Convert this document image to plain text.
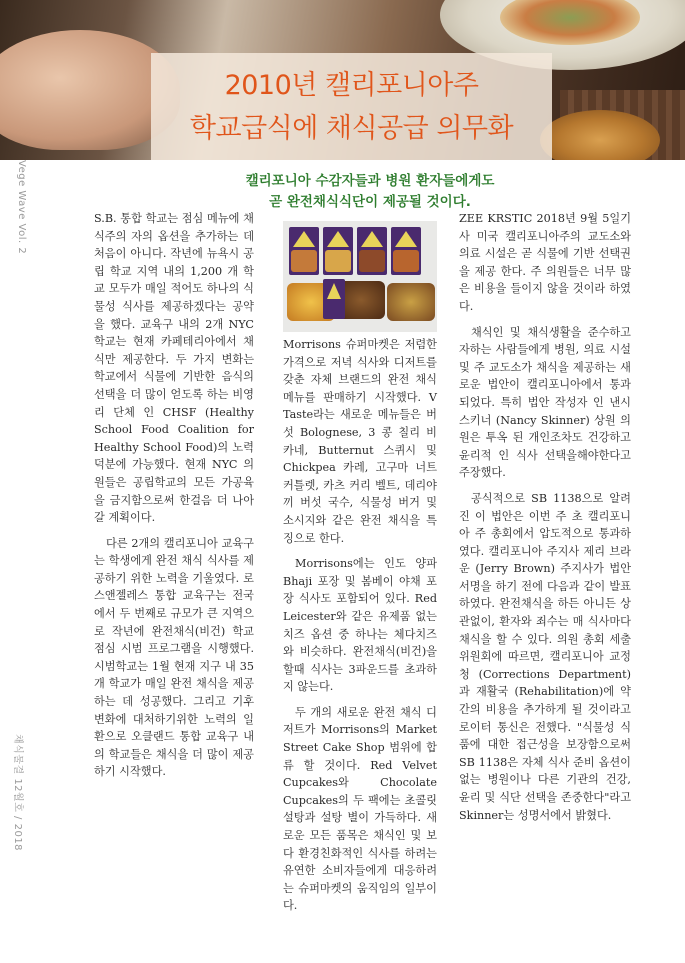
2010년 캘리포니아주
학교급식에 채식공급 의무화
Vege Wave Vol. 2
채식물결 12월호 / 2018
캘리포니아 수감자들과 병원 환자들에게도
곧 완전채식식단이 제공될 것이다.

S.B. 통합 학교는 점심 메뉴에 채식주의 자의 옵션을 추가하는 데 처음이 아니다. 작년에 뉴욕시 공립 학교 지역 내의 1,200 개 학교 모두가 매일 적어도 하나의 식물성 식사를 제공하겠다는 공약을 했다. 교육구 내의 2개 NYC 학교는 현재 카페테리아에서 채식만 제공한다. 두 가지 변화는 학교에서 식물에 기반한 음식의 선택을 더 많이 얻도록 하는 비영리 단체 인 CHSF (Healthy School Food Coalition for Healthy School Food)의 노력 덕분에 가능했다. 현재 NYC 의원들은 공립학교의 모든 가공육을 금지함으로써 한걸음 더 나아갈 계획이다.

다른 2개의 캘리포니아 교육구는 학생에게 완전 채식 식사를 제공하기 위한 노력을 기울였다. 로스앤젤레스 통합 교육구는 전국에서 두 번째로 규모가 큰 지역으로 작년에 완전채식(비건) 학교 점심 시범 프로그램을 시행했다. 시범학교는 1월 현재 지구 내 35 개 학교가 매일 완전 채식을 제공하는 데 성공했다. 그리고 기후 변화에 대처하기위한 노력의 일환으로 오클랜드 통합 교육구 내의 학교들은 채식을 더 많이 제공하기 시작했다.

Morrisons 슈퍼마켓은 저렴한 가격으로 저녁 식사와 디저트를 갖춘 자체 브랜드의 완전 채식 메뉴를 판매하기 시작했다. V Taste라는 새로운 메뉴들은 버섯 Bolognese, 3 콩 칠리 비 카네, Butternut 스퀴시 및 Chickpea 카레, 고구마 너트 커틀렛, 카츠 커리 벨트, 데리야끼 버섯 국수, 식물성 버거 및 소시지와 같은 완전 채식을 특징으로 한다.

Morrisons에는 인도 양파 Bhaji 포장 및 봄베이 야채 포장 식사도 포함되어 있다. Red Leicester와 같은 유제품 없는 치즈 옵션 중 하나는 체다치즈와 비슷하다. 완전채식(비건)을 할때 식사는 3파운드를 초과하지 않는다.

두 개의 새로운 완전 채식 디저트가 Morrisons의 Market Street Cake Shop 범위에 합류 할 것이다. Red Velvet Cupcakes와 Chocolate Cupcakes의 두 팩에는 초콜릿 설탕과 설탕 별이 가득하다. 새로운 모든 품목은 채식인 및 보다 환경친화적인 식사를 하려는유연한 소비자들에게 대응하려는 슈퍼마켓의 움직임의 일부이다.

ZEE KRSTIC 2018년 9월 5일기사 미국 캘리포니아주의 교도소와 의료 시설은 곧 식물에 기반 선택권을 제공 한다. 주 의원들은 너무 많은 비용을 들이지 않을 것이라 하였다.

채식인 및 채식생활을 준수하고자하는 사람들에게 병원, 의료 시설 및 주 교도소가 채식을 제공하는 새로운 법안이 캘리포니아에서 통과되었다. 특히 법안 작성자 인 낸시 스키너 (Nancy Skinner) 상원 의원은 투옥 된 개인조차도 건강하고 윤리적 인 식사 선택을해야한다고 주장했다.

공식적으로 SB 1138으로 알려진 이 법안은 이번 주 초 캘리포니아 주 총회에서 압도적으로 통과하였다. 캘리포니아 주지사 제리 브라운 (Jerry Brown) 주지사가 법안 서명을 하기 전에 다음과 같이 발표하였다. 완전채식을 하든 아니든 상관없이, 환자와 죄수는 매 식사마다 채식을 할 수 있다. 의원 총회 세출위원회에 따르면, 캘리포니아 교정청 (Corrections Department)과 재활국 (Rehabilitation)에 약간의 비용을 추가하게 될 것이라고 로이터 통신은 전했다. "식물성 식품에 대한 접근성을 보장함으로써 SB 1138은 자체 식사 준비 옵션이 없는 병원이나 다른 기관의 건강, 윤리 및 식단 선택을 존중한다"라고 Skinner는 성명서에서 밝혔다.
